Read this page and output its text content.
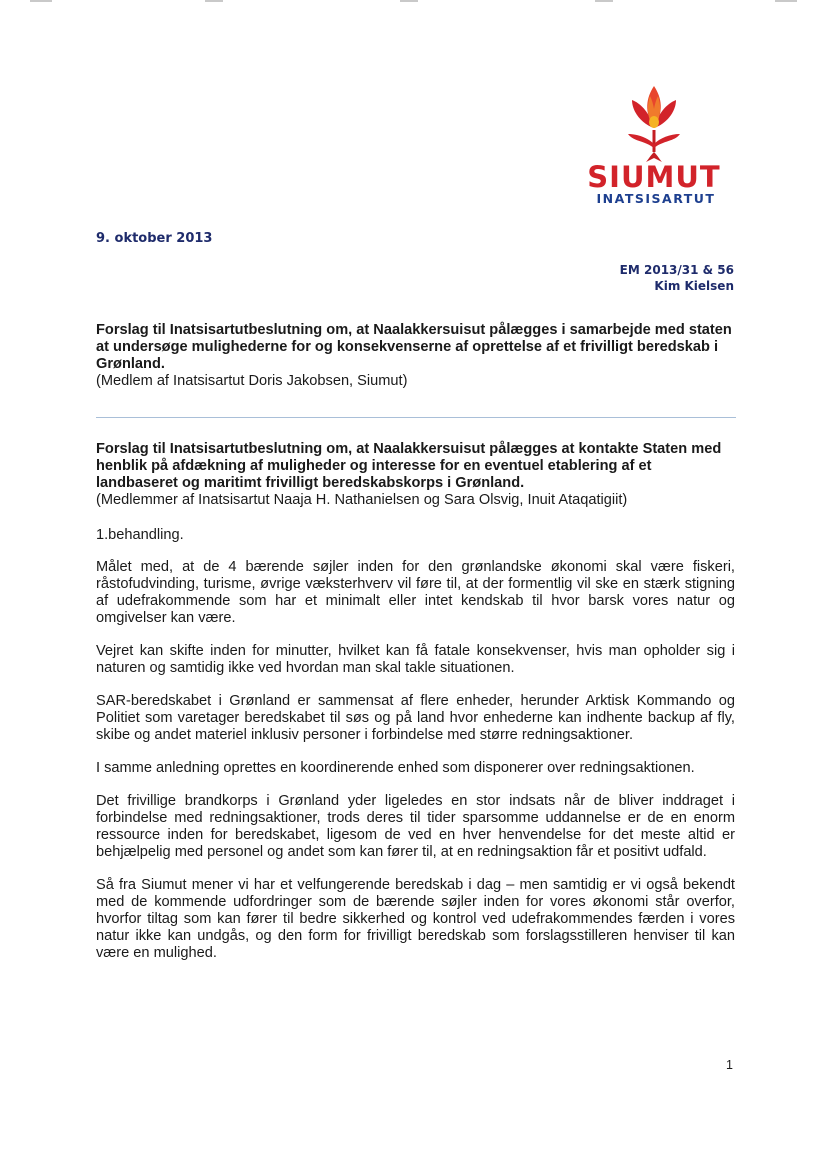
SIUMUT
INATSISARTUT
9. oktober 2013
EM 2013/31 & 56
Kim Kielsen

Forslag til Inatsisartutbeslutning om, at Naalakkersuisut pålægges i samarbejde med staten at undersøge mulighederne for og konsekvenserne af oprettelse af et frivilligt beredskab i Grønland.

(Medlem af Inatsisartut Doris Jakobsen, Siumut)

Forslag til Inatsisartutbeslutning om, at Naalakkersuisut pålægges at kontakte Staten med henblik på afdækning af muligheder og interesse for en eventuel etablering af et landbaseret og maritimt frivilligt beredskabskorps i Grønland.

(Medlemmer af Inatsisartut Naaja H. Nathanielsen og Sara Olsvig, Inuit Ataqatigiit)

1.behandling.

Målet med, at de 4 bærende søjler inden for den grønlandske økonomi skal være fiskeri, råstofudvinding, turisme, øvrige væksterhverv vil føre til, at der formentlig vil ske en stærk stigning af udefrakommende som har et minimalt eller intet kendskab til hvor barsk vores natur og omgivelser kan være.

Vejret kan skifte inden for minutter, hvilket kan få fatale konsekvenser, hvis man opholder sig i naturen og samtidig ikke ved hvordan man skal takle situationen.

SAR-beredskabet i Grønland er sammensat af flere enheder, herunder Arktisk Kommando og Politiet som varetager beredskabet til søs og på land hvor enhederne kan indhente backup af fly, skibe og andet materiel inklusiv personer i forbindelse med større redningsaktioner.

I samme anledning oprettes en koordinerende enhed som disponerer over redningsaktionen.

Det frivillige brandkorps i Grønland yder ligeledes en stor indsats når de bliver inddraget i forbindelse med redningsaktioner, trods deres til tider sparsomme uddannelse er de en enorm ressource inden for beredskabet, ligesom de ved en hver henvendelse for det meste altid er behjælpelig med personel og andet som kan fører til, at en redningsaktion får et positivt udfald.

Så fra Siumut mener vi har et velfungerende beredskab i dag – men samtidig er vi også bekendt med de kommende udfordringer som de bærende søjler inden for vores økonomi står overfor, hvorfor tiltag som kan fører til bedre sikkerhed og kontrol ved udefrakommendes færden i vores natur ikke kan undgås, og den form for frivilligt beredskab som forslagsstilleren henviser til kan være en mulighed.

1
